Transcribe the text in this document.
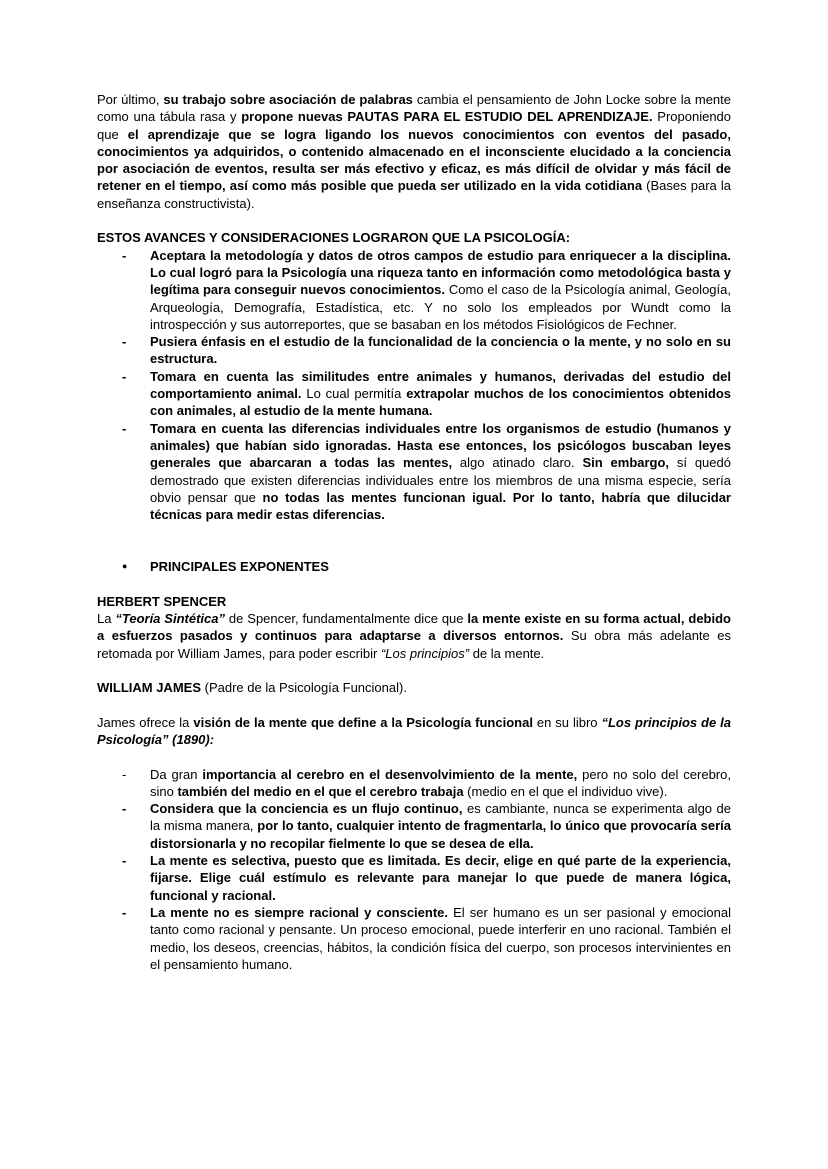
Por último, su trabajo sobre asociación de palabras cambia el pensamiento de John Locke sobre la mente como una tábula rasa y propone nuevas PAUTAS PARA EL ESTUDIO DEL APRENDIZAJE. Proponiendo que el aprendizaje que se logra ligando los nuevos conocimientos con eventos del pasado, conocimientos ya adquiridos, o contenido almacenado en el inconsciente elucidado a la conciencia por asociación de eventos, resulta ser más efectivo y eficaz, es más difícil de olvidar y más fácil de retener en el tiempo, así como más posible que pueda ser utilizado en la vida cotidiana (Bases para la enseñanza constructivista).
ESTOS AVANCES Y CONSIDERACIONES LOGRARON QUE LA PSICOLOGÍA:
-	Aceptara la metodología y datos de otros campos de estudio para enriquecer a la disciplina. Lo cual logró para la Psicología una riqueza tanto en información como metodológica basta y legítima para conseguir nuevos conocimientos. Como el caso de la Psicología animal, Geología, Arqueología, Demografía, Estadística, etc. Y no solo los empleados por Wundt como la introspección y sus autorreportes, que se basaban en los métodos Fisiológicos de Fechner.
-	Pusiera énfasis en el estudio de la funcionalidad de la conciencia o la mente, y no solo en su estructura.
-	Tomara en cuenta las similitudes entre animales y humanos, derivadas del estudio del comportamiento animal. Lo cual permitía extrapolar muchos de los conocimientos obtenidos con animales, al estudio de la mente humana.
-	Tomara en cuenta las diferencias individuales entre los organismos de estudio (humanos y animales) que habían sido ignoradas. Hasta ese entonces, los psicólogos buscaban leyes generales que abarcaran a todas las mentes, algo atinado claro. Sin embargo, sí quedó demostrado que existen diferencias individuales entre los miembros de una misma especie, sería obvio pensar que no todas las mentes funcionan igual. Por lo tanto, habría que dilucidar técnicas para medir estas diferencias.
●	PRINCIPALES EXPONENTES
HERBERT SPENCER
La “Teoría Sintética” de Spencer, fundamentalmente dice que la mente existe en su forma actual, debido a esfuerzos pasados y continuos para adaptarse a diversos entornos. Su obra más adelante es retomada por William James, para poder escribir “Los principios” de la mente.
WILLIAM JAMES (Padre de la Psicología Funcional).
James ofrece la visión de la mente que define a la Psicología funcional en su libro “Los principios de la Psicología” (1890):
-	Da gran importancia al cerebro en el desenvolvimiento de la mente, pero no solo del cerebro, sino también del medio en el que el cerebro trabaja (medio en el que el individuo vive).
-	Considera que la conciencia es un flujo continuo, es cambiante, nunca se experimenta algo de la misma manera, por lo tanto, cualquier intento de fragmentarla, lo único que provocaría sería distorsionarla y no recopilar fielmente lo que se desea de ella.
-	La mente es selectiva, puesto que es limitada. Es decir, elige en qué parte de la experiencia, fijarse. Elige cuál estímulo es relevante para manejar lo que puede de manera lógica, funcional y racional.
-	La mente no es siempre racional y consciente. El ser humano es un ser pasional y emocional tanto como racional y pensante. Un proceso emocional, puede interferir en uno racional. También el medio, los deseos, creencias, hábitos, la condición física del cuerpo, son procesos intervinientes en el pensamiento humano.
